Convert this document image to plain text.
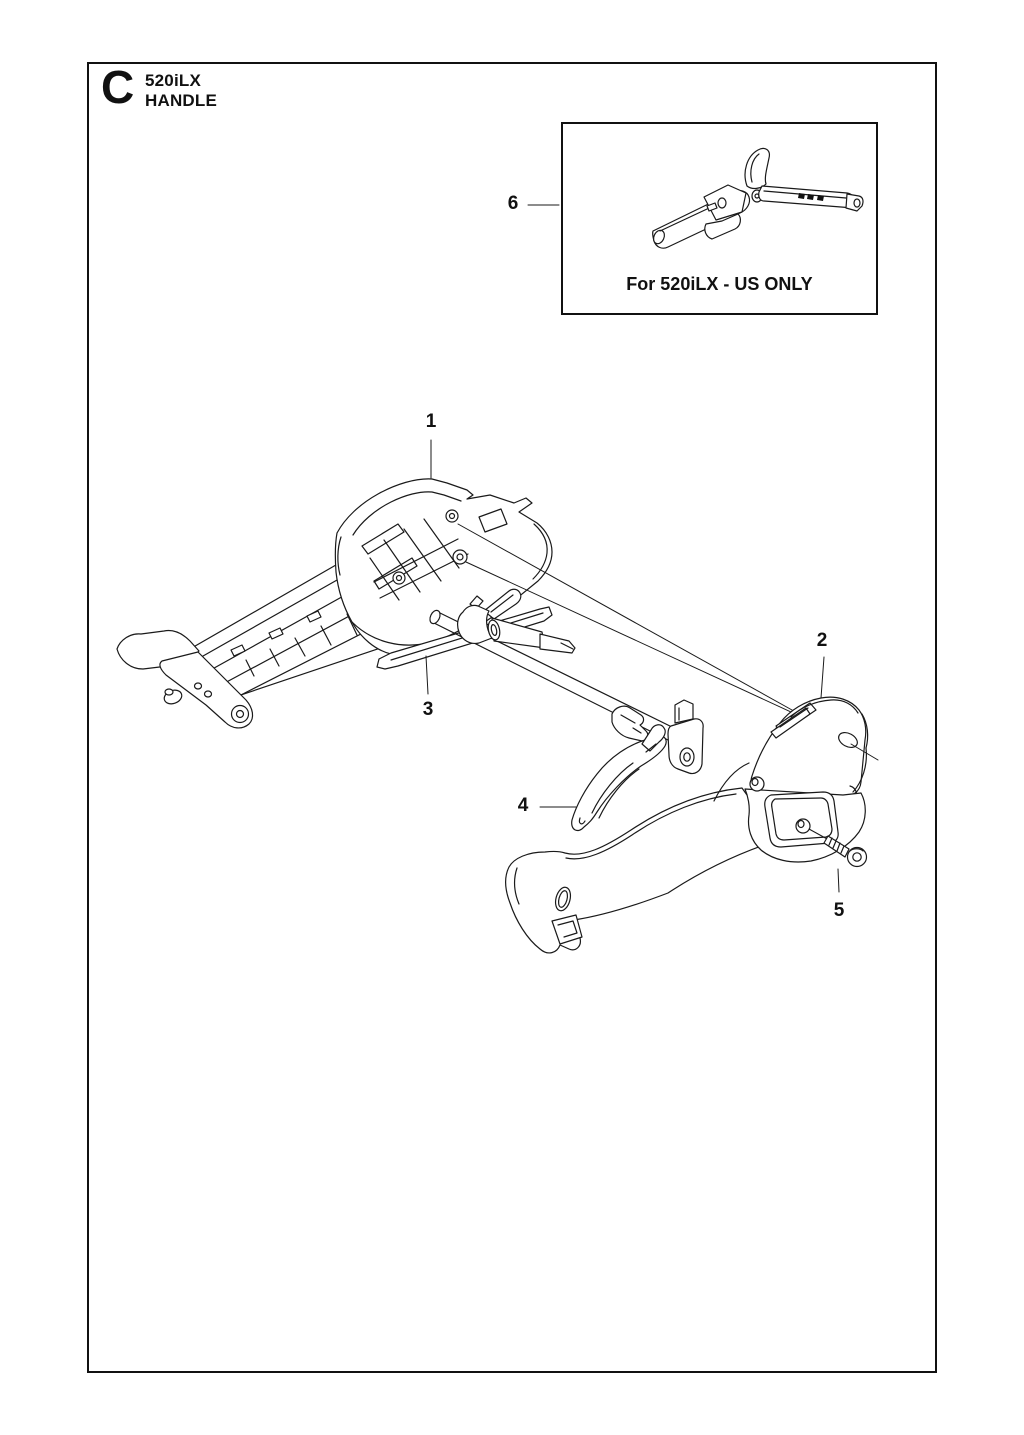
C 520iLX
HANDLE
For 520iLX - US ONLY
1
2
3
4
5
6
